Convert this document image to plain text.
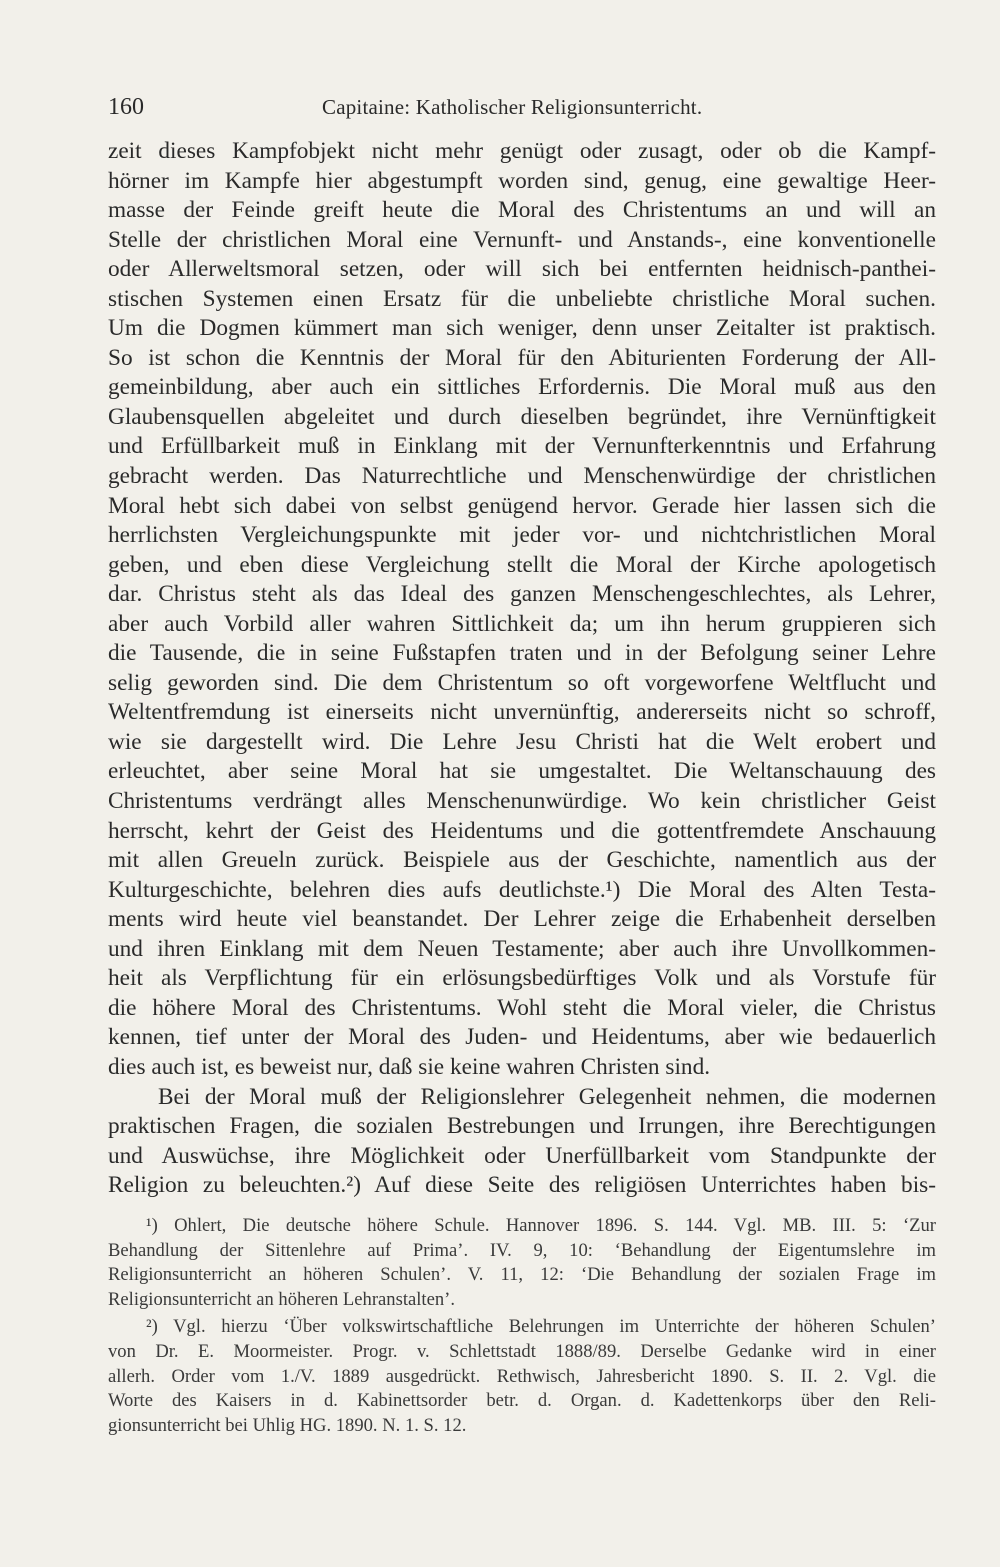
160	Capitaine: Katholischer Religionsunterricht.
zeit dieses Kampfobjekt nicht mehr genügt oder zusagt, oder ob die Kampf-
hörner im Kampfe hier abgestumpft worden sind, genug, eine gewaltige Heer-
masse der Feinde greift heute die Moral des Christentums an und will an
Stelle der christlichen Moral eine Vernunft- und Anstands-, eine konventionelle
oder Allerweltsmoral setzen, oder will sich bei entfernten heidnisch-panthei-
stischen Systemen einen Ersatz für die unbeliebte christliche Moral suchen.
Um die Dogmen kümmert man sich weniger, denn unser Zeitalter ist praktisch.
So ist schon die Kenntnis der Moral für den Abiturienten Forderung der All-
gemeinbildung, aber auch ein sittliches Erfordernis. Die Moral muß aus den
Glaubensquellen abgeleitet und durch dieselben begründet, ihre Vernünftigkeit
und Erfüllbarkeit muß in Einklang mit der Vernunfterkenntnis und Erfahrung
gebracht werden. Das Naturrechtliche und Menschenwürdige der christlichen
Moral hebt sich dabei von selbst genügend hervor. Gerade hier lassen sich die
herrlichsten Vergleichungspunkte mit jeder vor- und nichtchristlichen Moral
geben, und eben diese Vergleichung stellt die Moral der Kirche apologetisch
dar. Christus steht als das Ideal des ganzen Menschengeschlechtes, als Lehrer,
aber auch Vorbild aller wahren Sittlichkeit da; um ihn herum gruppieren sich
die Tausende, die in seine Fußstapfen traten und in der Befolgung seiner Lehre
selig geworden sind. Die dem Christentum so oft vorgeworfene Weltflucht und
Weltentfremdung ist einerseits nicht unvernünftig, andererseits nicht so schroff,
wie sie dargestellt wird. Die Lehre Jesu Christi hat die Welt erobert und
erleuchtet, aber seine Moral hat sie umgestaltet. Die Weltanschauung des
Christentums verdrängt alles Menschenunwürdige. Wo kein christlicher Geist
herrscht, kehrt der Geist des Heidentums und die gottentfremdete Anschauung
mit allen Greueln zurück. Beispiele aus der Geschichte, namentlich aus der
Kulturgeschichte, belehren dies aufs deutlichste.¹) Die Moral des Alten Testa-
ments wird heute viel beanstandet. Der Lehrer zeige die Erhabenheit derselben
und ihren Einklang mit dem Neuen Testamente; aber auch ihre Unvollkommen-
heit als Verpflichtung für ein erlösungsbedürftiges Volk und als Vorstufe für
die höhere Moral des Christentums. Wohl steht die Moral vieler, die Christus
kennen, tief unter der Moral des Juden- und Heidentums, aber wie bedauerlich
dies auch ist, es beweist nur, daß sie keine wahren Christen sind.
Bei der Moral muß der Religionslehrer Gelegenheit nehmen, die modernen
praktischen Fragen, die sozialen Bestrebungen und Irrungen, ihre Berechtigungen
und Auswüchse, ihre Möglichkeit oder Unerfüllbarkeit vom Standpunkte der
Religion zu beleuchten.²) Auf diese Seite des religiösen Unterrichtes haben bis-
¹) Ohlert, Die deutsche höhere Schule. Hannover 1896. S. 144. Vgl. MB. III. 5: ‘Zur
Behandlung der Sittenlehre auf Prima’. IV. 9, 10: ‘Behandlung der Eigentumslehre im
Religionsunterricht an höheren Schulen’. V. 11, 12: ‘Die Behandlung der sozialen Frage im
Religionsunterricht an höheren Lehranstalten’.
²) Vgl. hierzu ‘Über volkswirtschaftliche Belehrungen im Unterrichte der höheren Schulen’
von Dr. E. Moormeister. Progr. v. Schlettstadt 1888/89. Derselbe Gedanke wird in einer
allerh. Order vom 1./V. 1889 ausgedrückt. Rethwisch, Jahresbericht 1890. S. II. 2. Vgl. die
Worte des Kaisers in d. Kabinettsorder betr. d. Organ. d. Kadettenkorps über den Reli-
gionsunterricht bei Uhlig HG. 1890. N. 1. S. 12.
